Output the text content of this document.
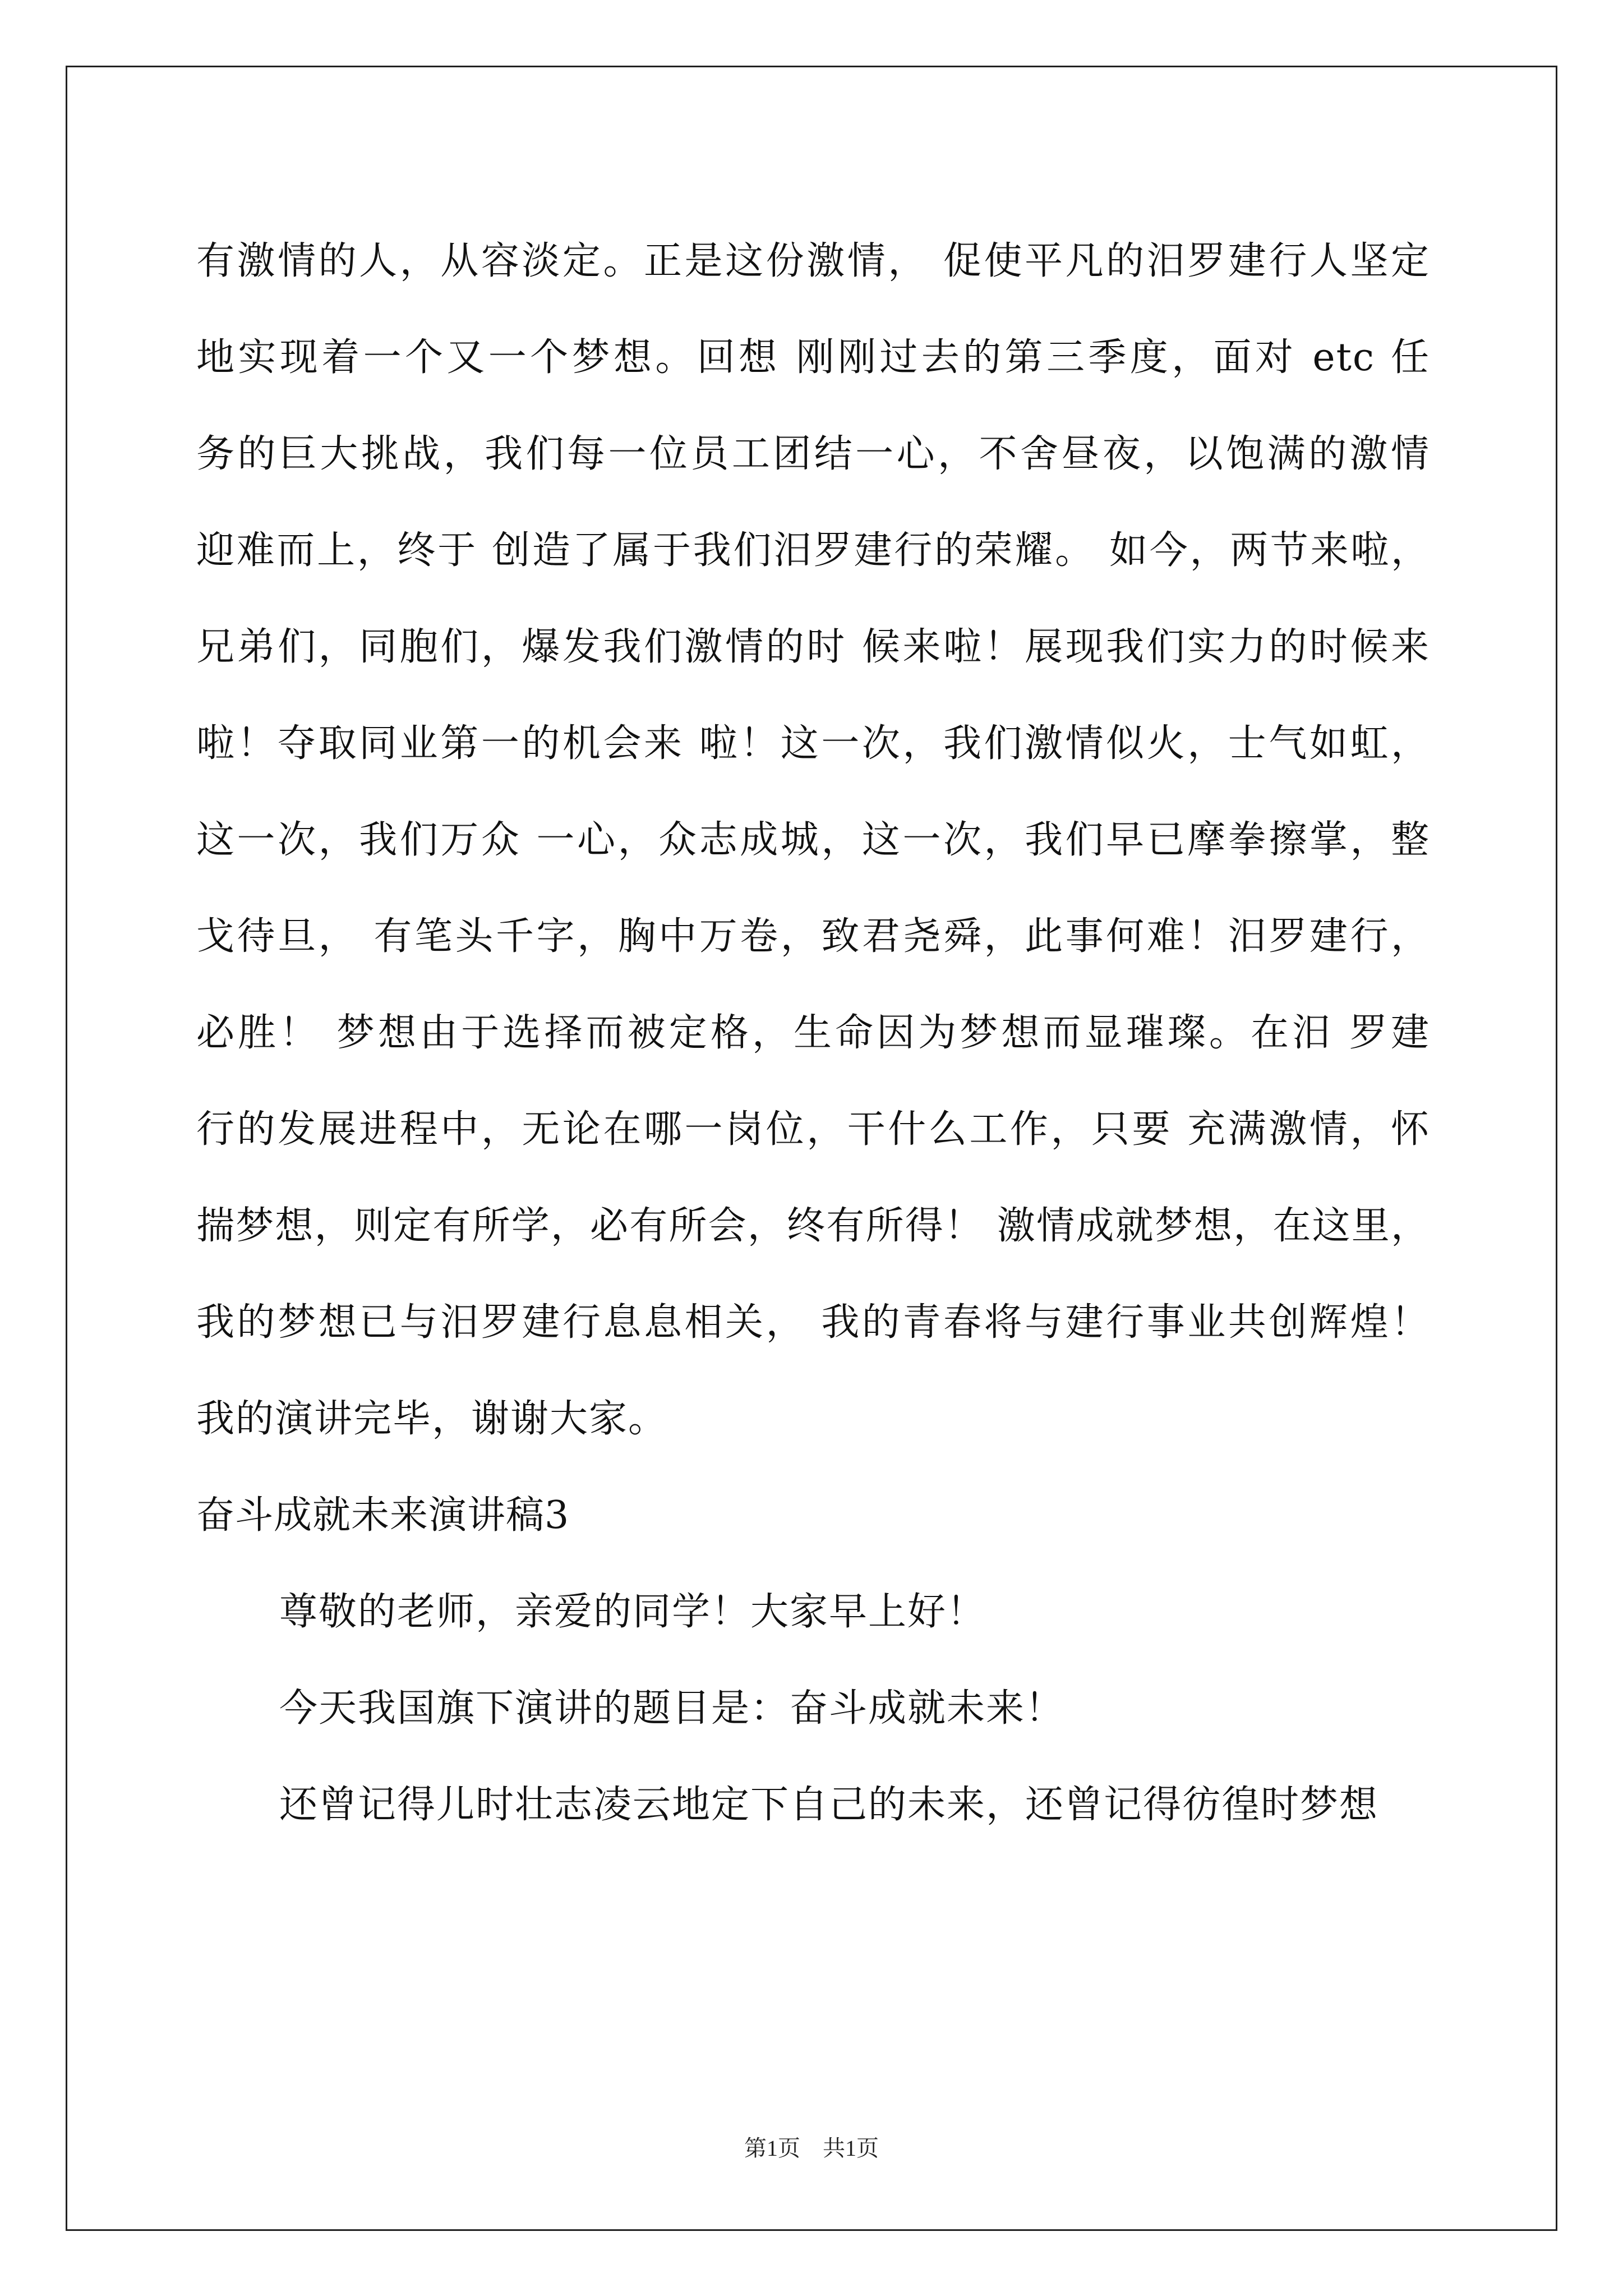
有激情的人，从容淡定。正是这份激情， 促使平凡的汨罗建行人坚定
地实现着一个又一个梦想。回想 刚刚过去的第三季度，面对 etc 任
务的巨大挑战，我们每一位员工团结一心，不舍昼夜，以饱满的激情
迎难而上，终于 创造了属于我们汨罗建行的荣耀。 如今，两节来啦，
兄弟们，同胞们，爆发我们激情的时 候来啦！展现我们实力的时候来
啦！夺取同业第一的机会来 啦！这一次，我们激情似火，士气如虹，
这一次，我们万众 一心，众志成城，这一次，我们早已摩拳擦掌，整
戈待旦， 有笔头千字，胸中万卷，致君尧舜，此事何难！汨罗建行，
必胜！ 梦想由于选择而被定格，生命因为梦想而显璀璨。在汨 罗建
行的发展进程中，无论在哪一岗位，干什么工作，只要 充满激情，怀
揣梦想，则定有所学，必有所会，终有所得！ 激情成就梦想，在这里，
我的梦想已与汨罗建行息息相关， 我的青春将与建行事业共创辉煌！
我的演讲完毕，谢谢大家。
奋斗成就未来演讲稿3
尊敬的老师，亲爱的同学！大家早上好！
今天我国旗下演讲的题目是：奋斗成就未来！
还曾记得儿时壮志凌云地定下自己的未来，还曾记得彷徨时梦想
第1页　共1页
